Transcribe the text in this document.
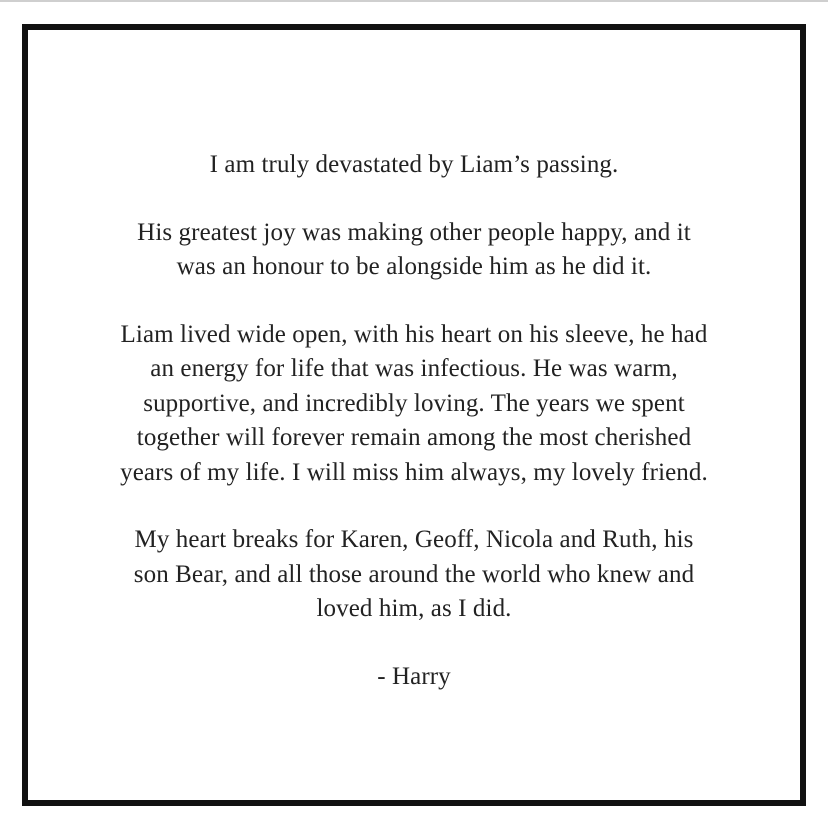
I am truly devastated by Liam’s passing.

His greatest joy was making other people happy, and it
was an honour to be alongside him as he did it.

Liam lived wide open, with his heart on his sleeve, he had
an energy for life that was infectious. He was warm,
supportive, and incredibly loving. The years we spent
together will forever remain among the most cherished
years of my life. I will miss him always, my lovely friend.

My heart breaks for Karen, Geoff, Nicola and Ruth, his
son Bear, and all those around the world who knew and
loved him, as I did.

- Harry
